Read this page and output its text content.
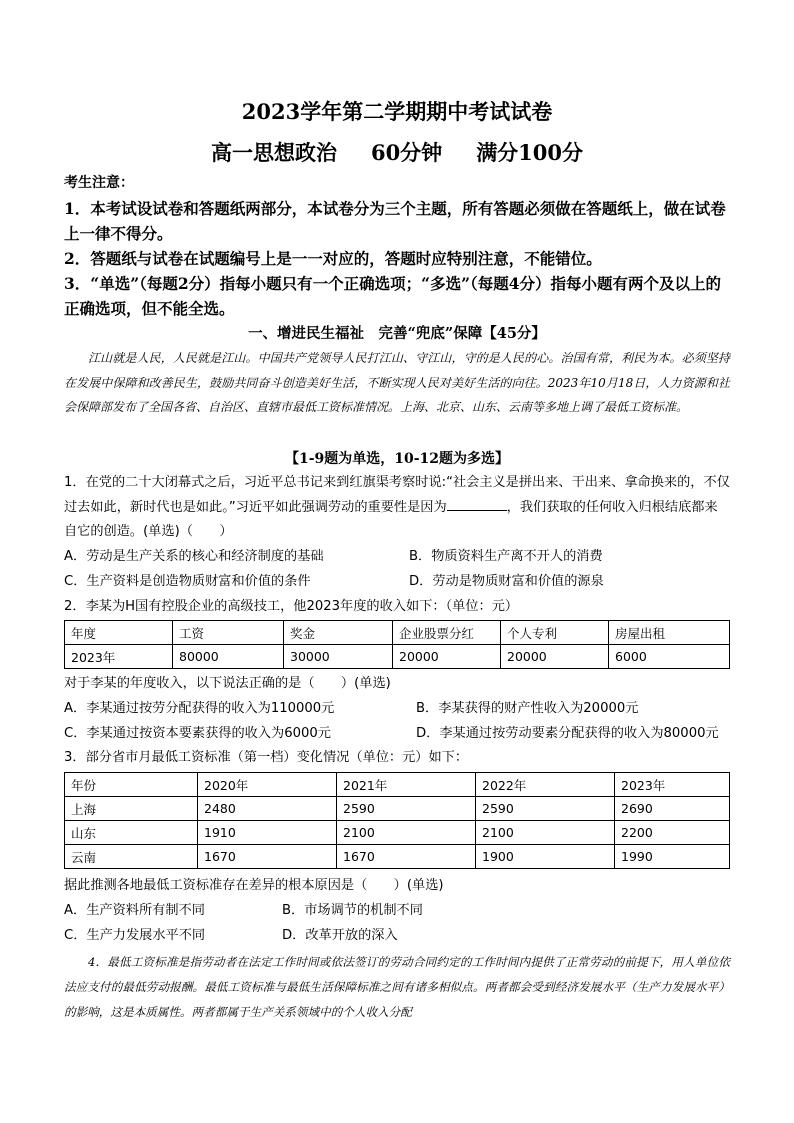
2023学年第二学期期中考试试卷
高一思想政治 60分钟 满分100分
考生注意：
1．本考试设试卷和答题纸两部分，本试卷分为三个主题，所有答题必须做在答题纸上，做在试卷上一律不得分。
2．答题纸与试卷在试题编号上是一一对应的，答题时应特别注意，不能错位。
3．“单选”（每题2分）指每小题只有一个正确选项；“多选”（每题4分）指每小题有两个及以上的正确选项，但不能全选。
一、增进民生福祉　完善“兜底”保障【45分】
江山就是人民，人民就是江山。中国共产党领导人民打江山、守江山，守的是人民的心。治国有常，利民为本。必须坚持在发展中保障和改善民生，鼓励共同奋斗创造美好生活，不断实现人民对美好生活的向往。2023年10月18日，人力资源和社会保障部发布了全国各省、自治区、直辖市最低工资标准情况。上海、北京、山东、云南等多地上调了最低工资标准。
【1-9题为单选，10-12题为多选】
1．在党的二十大闭幕式之后，习近平总书记来到红旗渠考察时说:“社会主义是拼出来、干出来、拿命换来的，不仅过去如此，新时代也是如此。”习近平如此强调劳动的重要性是因为	，我们获取的任何收入归根结底都来自它的创造。(单选)（　　）
A．劳动是生产关系的核心和经济制度的基础	B．物质资料生产离不开人的消费
C．生产资料是创造物质财富和价值的条件	D．劳动是物质财富和价值的源泉
2．李某为H国有控股企业的高级技工，他2023年度的收入如下：（单位：元）
年度	工资	奖金	企业股票分红	个人专利	房屋出租
2023年	80000	30000	20000	20000	6000
对于李某的年度收入，以下说法正确的是（　　）(单选)
A．李某通过按劳分配获得的收入为110000元	B．李某获得的财产性收入为20000元
C．李某通过按资本要素获得的收入为6000元	D．李某通过按劳动要素分配获得的收入为80000元
3．部分省市月最低工资标准（第一档）变化情况（单位：元）如下：
年份	2020年	2021年	2022年	2023年
上海	2480	2590	2590	2690
山东	1910	2100	2100	2200
云南	1670	1670	1900	1990
据此推测各地最低工资标准存在差异的根本原因是（　　）(单选)
A．生产资料所有制不同	B．市场调节的机制不同
C．生产力发展水平不同	D．改革开放的深入
4．最低工资标准是指劳动者在法定工作时间或依法签订的劳动合同约定的工作时间内提供了正常劳动的前提下，用人单位依法应支付的最低劳动报酬。最低工资标准与最低生活保障标准之间有诸多相似点。两者都会受到经济发展水平（生产力发展水平）的影响，这是本质属性。两者都属于生产关系领域中的个人收入分配
